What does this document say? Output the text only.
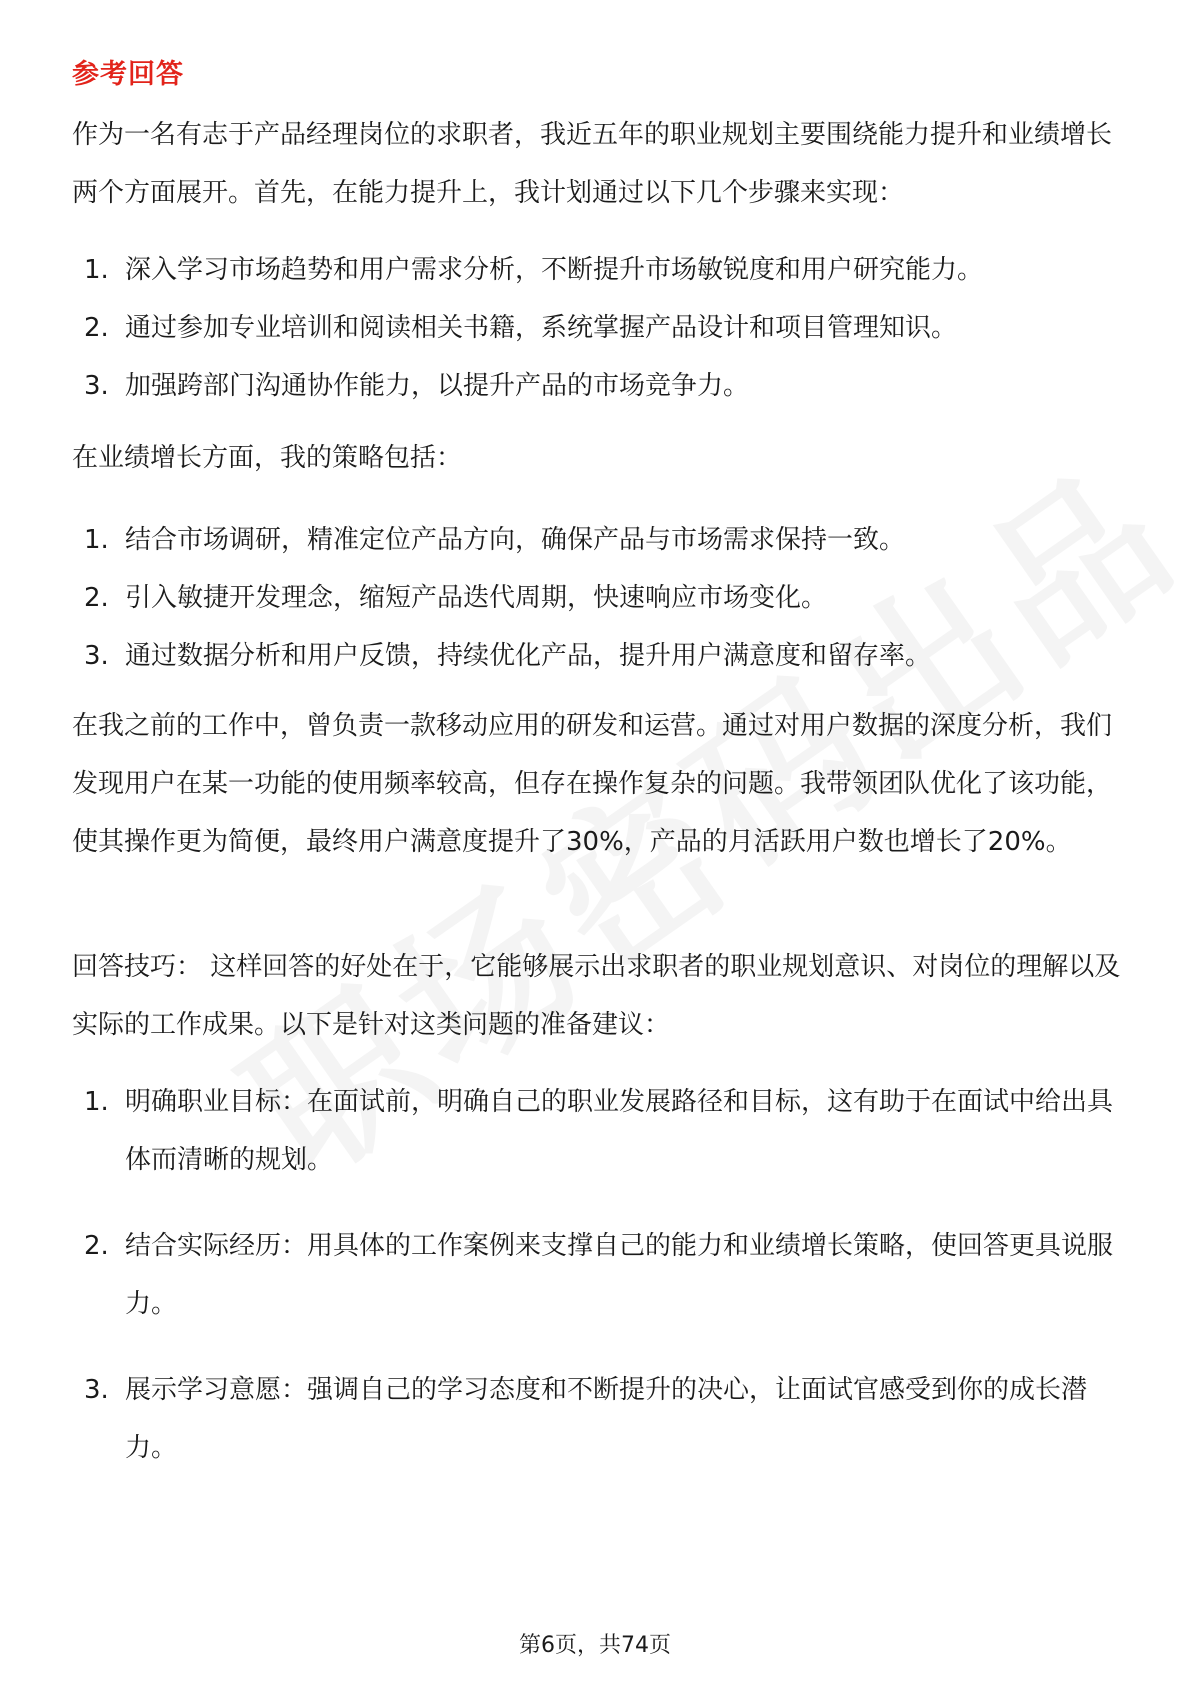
参考回答

作为一名有志于产品经理岗位的求职者，我近五年的职业规划主要围绕能力提升和业绩增长两个方面展开。首先，在能力提升上，我计划通过以下几个步骤来实现：

1. 深入学习市场趋势和用户需求分析，不断提升市场敏锐度和用户研究能力。
2. 通过参加专业培训和阅读相关书籍，系统掌握产品设计和项目管理知识。
3. 加强跨部门沟通协作能力，以提升产品的市场竞争力。

在业绩增长方面，我的策略包括：

1. 结合市场调研，精准定位产品方向，确保产品与市场需求保持一致。
2. 引入敏捷开发理念，缩短产品迭代周期，快速响应市场变化。
3. 通过数据分析和用户反馈，持续优化产品，提升用户满意度和留存率。

在我之前的工作中，曾负责一款移动应用的研发和运营。通过对用户数据的深度分析，我们发现用户在某一功能的使用频率较高，但存在操作复杂的问题。我带领团队优化了该功能，使其操作更为简便，最终用户满意度提升了30%，产品的月活跃用户数也增长了20%。

回答技巧： 这样回答的好处在于，它能够展示出求职者的职业规划意识、对岗位的理解以及实际的工作成果。以下是针对这类问题的准备建议：

1. 明确职业目标：在面试前，明确自己的职业发展路径和目标，这有助于在面试中给出具体而清晰的规划。
2. 结合实际经历：用具体的工作案例来支撑自己的能力和业绩增长策略，使回答更具说服力。
3. 展示学习意愿：强调自己的学习态度和不断提升的决心，让面试官感受到你的成长潜力。
第6页，共74页
